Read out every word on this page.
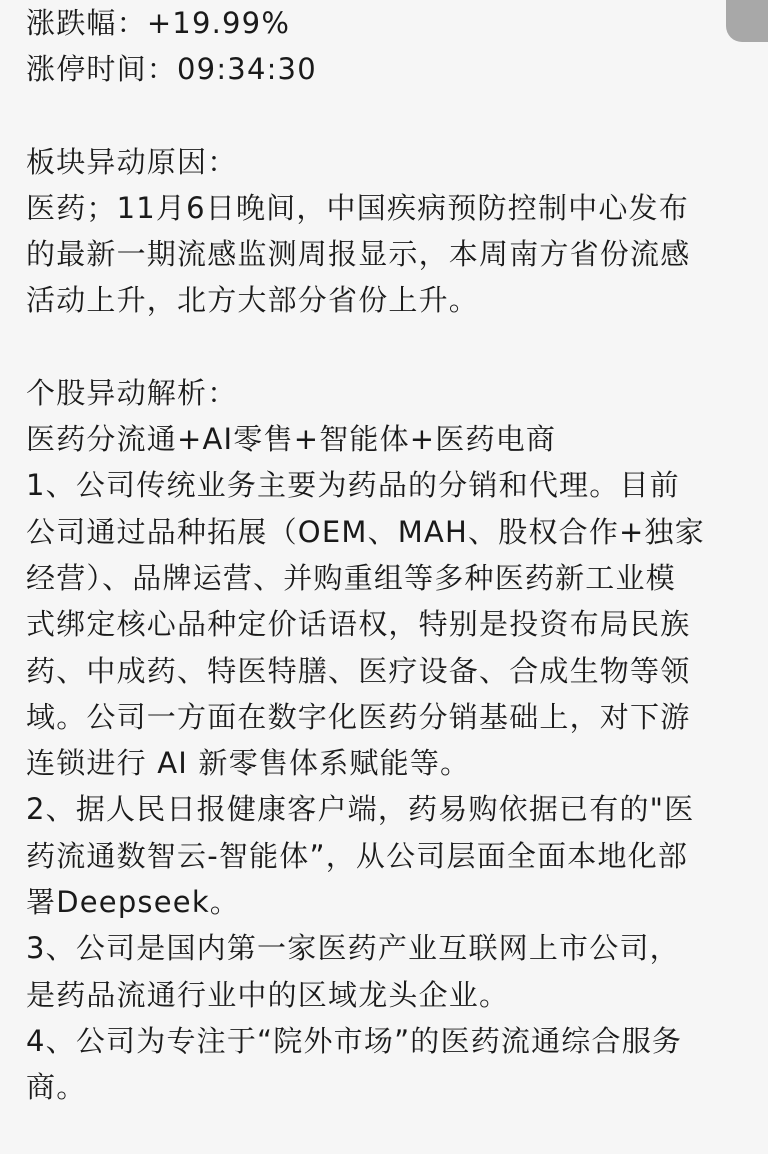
涨跌幅：+19.99%
涨停时间：09:34:30
板块异动原因：
医药；11月6日晚间，中国疾病预防控制中心发布
的最新一期流感监测周报显示，本周南方省份流感
活动上升，北方大部分省份上升。
个股异动解析：
医药分流通+AI零售+智能体+医药电商
1、公司传统业务主要为药品的分销和代理。目前
公司通过品种拓展（OEM、MAH、股权合作+独家
经营）、品牌运营、并购重组等多种医药新工业模
式绑定核心品种定价话语权，特别是投资布局民族
药、中成药、特医特膳、医疗设备、合成生物等领
域。公司一方面在数字化医药分销基础上，对下游
连锁进行 AI 新零售体系赋能等。
2、据人民日报健康客户端，药易购依据已有的"医
药流通数智云-智能体”，从公司层面全面本地化部
署Deepseek。
3、公司是国内第一家医药产业互联网上市公司，
是药品流通行业中的区域龙头企业。
4、公司为专注于“院外市场”的医药流通综合服务
商。
